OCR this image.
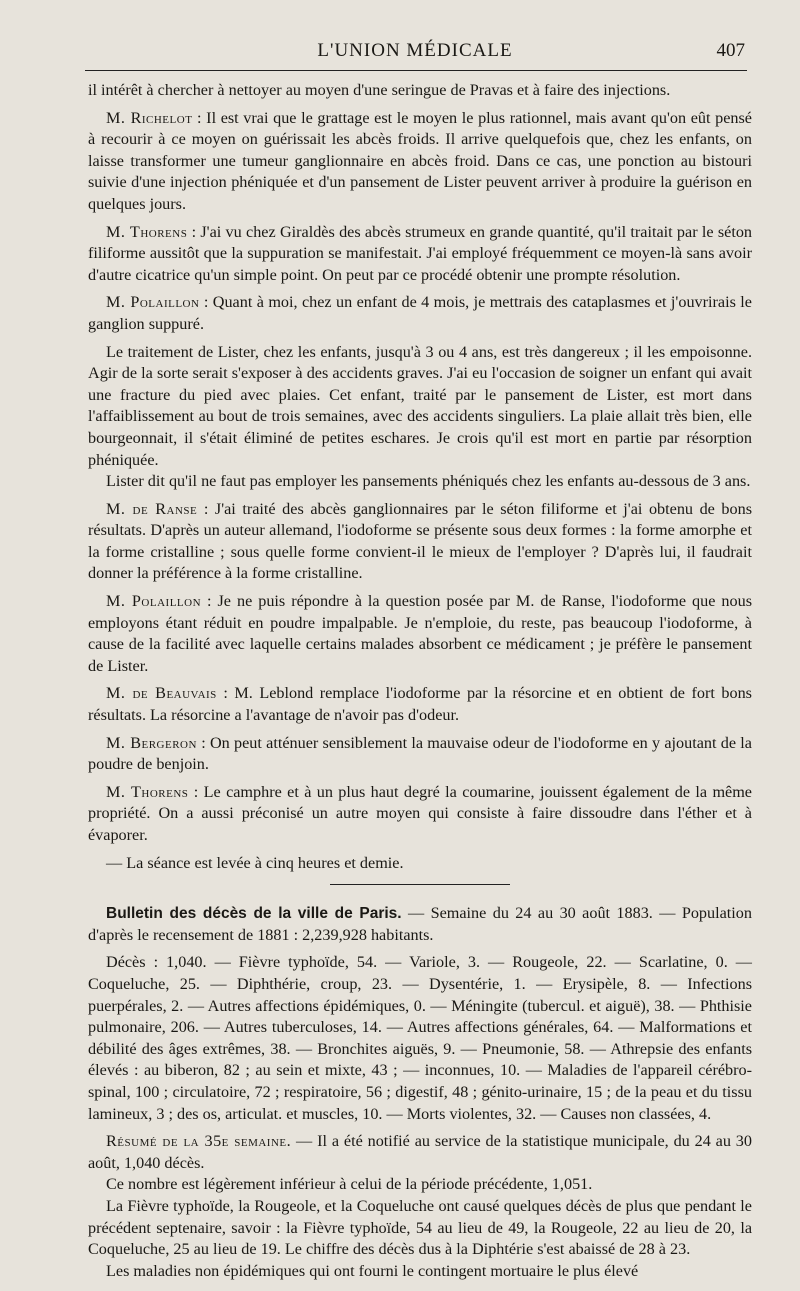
L'UNION MÉDICALE	407

il intérêt à chercher à nettoyer au moyen d'une seringue de Pravas et à faire des injections.

M. Richelot : Il est vrai que le grattage est le moyen le plus rationnel, mais avant qu'on eût pensé à recourir à ce moyen on guérissait les abcès froids. Il arrive quelquefois que, chez les enfants, on laisse transformer une tumeur ganglionnaire en abcès froid. Dans ce cas, une ponction au bistouri suivie d'une injection phéniquée et d'un pansement de Lister peuvent arriver à produire la guérison en quelques jours.

M. Thorens : J'ai vu chez Giraldès des abcès strumeux en grande quantité, qu'il traitait par le séton filiforme aussitôt que la suppuration se manifestait. J'ai employé fréquemment ce moyen-là sans avoir d'autre cicatrice qu'un simple point. On peut par ce procédé obtenir une prompte résolution.

M. Polaillon : Quant à moi, chez un enfant de 4 mois, je mettrais des cataplasmes et j'ouvrirais le ganglion suppuré.

Le traitement de Lister, chez les enfants, jusqu'à 3 ou 4 ans, est très dangereux ; il les empoisonne. Agir de la sorte serait s'exposer à des accidents graves. J'ai eu l'occasion de soigner un enfant qui avait une fracture du pied avec plaies. Cet enfant, traité par le pansement de Lister, est mort dans l'affaiblissement au bout de trois semaines, avec des accidents singuliers. La plaie allait très bien, elle bourgeonnait, il s'était éliminé de petites eschares. Je crois qu'il est mort en partie par résorption phéniquée.

Lister dit qu'il ne faut pas employer les pansements phéniqués chez les enfants au-dessous de 3 ans.

M. de Ranse : J'ai traité des abcès ganglionnaires par le séton filiforme et j'ai obtenu de bons résultats. D'après un auteur allemand, l'iodoforme se présente sous deux formes : la forme amorphe et la forme cristalline ; sous quelle forme convient-il le mieux de l'employer ? D'après lui, il faudrait donner la préférence à la forme cristalline.

M. Polaillon : Je ne puis répondre à la question posée par M. de Ranse, l'iodoforme que nous employons étant réduit en poudre impalpable. Je n'emploie, du reste, pas beaucoup l'iodoforme, à cause de la facilité avec laquelle certains malades absorbent ce médicament ; je préfère le pansement de Lister.

M. de Beauvais : M. Leblond remplace l'iodoforme par la résorcine et en obtient de fort bons résultats. La résorcine a l'avantage de n'avoir pas d'odeur.

M. Bergeron : On peut atténuer sensiblement la mauvaise odeur de l'iodoforme en y ajoutant de la poudre de benjoin.

M. Thorens : Le camphre et à un plus haut degré la coumarine, jouissent également de la même propriété. On a aussi préconisé un autre moyen qui consiste à faire dissoudre dans l'éther et à évaporer.

— La séance est levée à cinq heures et demie.

Bulletin des décès de la ville de Paris. — Semaine du 24 au 30 août 1883. — Population d'après le recensement de 1881 : 2,239,928 habitants.

Décès : 1,040. — Fièvre typhoïde, 54. — Variole, 3. — Rougeole, 22. — Scarlatine, 0. — Coqueluche, 25. — Diphthérie, croup, 23. — Dysentérie, 1. — Erysipèle, 8. — Infections puerpérales, 2. — Autres affections épidémiques, 0. — Méningite (tubercul. et aiguë), 38. — Phthisie pulmonaire, 206. — Autres tuberculoses, 14. — Autres affections générales, 64. — Malformations et débilité des âges extrêmes, 38. — Bronchites aiguës, 9. — Pneumonie, 58. — Athrepsie des enfants élevés : au biberon, 82 ; au sein et mixte, 43 ; — inconnues, 10. — Maladies de l'appareil cérébro-spinal, 100 ; circulatoire, 72 ; respiratoire, 56 ; digestif, 48 ; génito-urinaire, 15 ; de la peau et du tissu lamineux, 3 ; des os, articulat. et muscles, 10. — Morts violentes, 32. — Causes non classées, 4.

Résumé de la 35e semaine. — Il a été notifié au service de la statistique municipale, du 24 au 30 août, 1,040 décès.

Ce nombre est légèrement inférieur à celui de la période précédente, 1,051.

La Fièvre typhoïde, la Rougeole, et la Coqueluche ont causé quelques décès de plus que pendant le précédent septenaire, savoir : la Fièvre typhoïde, 54 au lieu de 49, la Rougeole, 22 au lieu de 20, la Coqueluche, 25 au lieu de 19. Le chiffre des décès dus à la Diphtérie s'est abaissé de 28 à 23.

Les maladies non épidémiques qui ont fourni le contingent mortuaire le plus élevé
